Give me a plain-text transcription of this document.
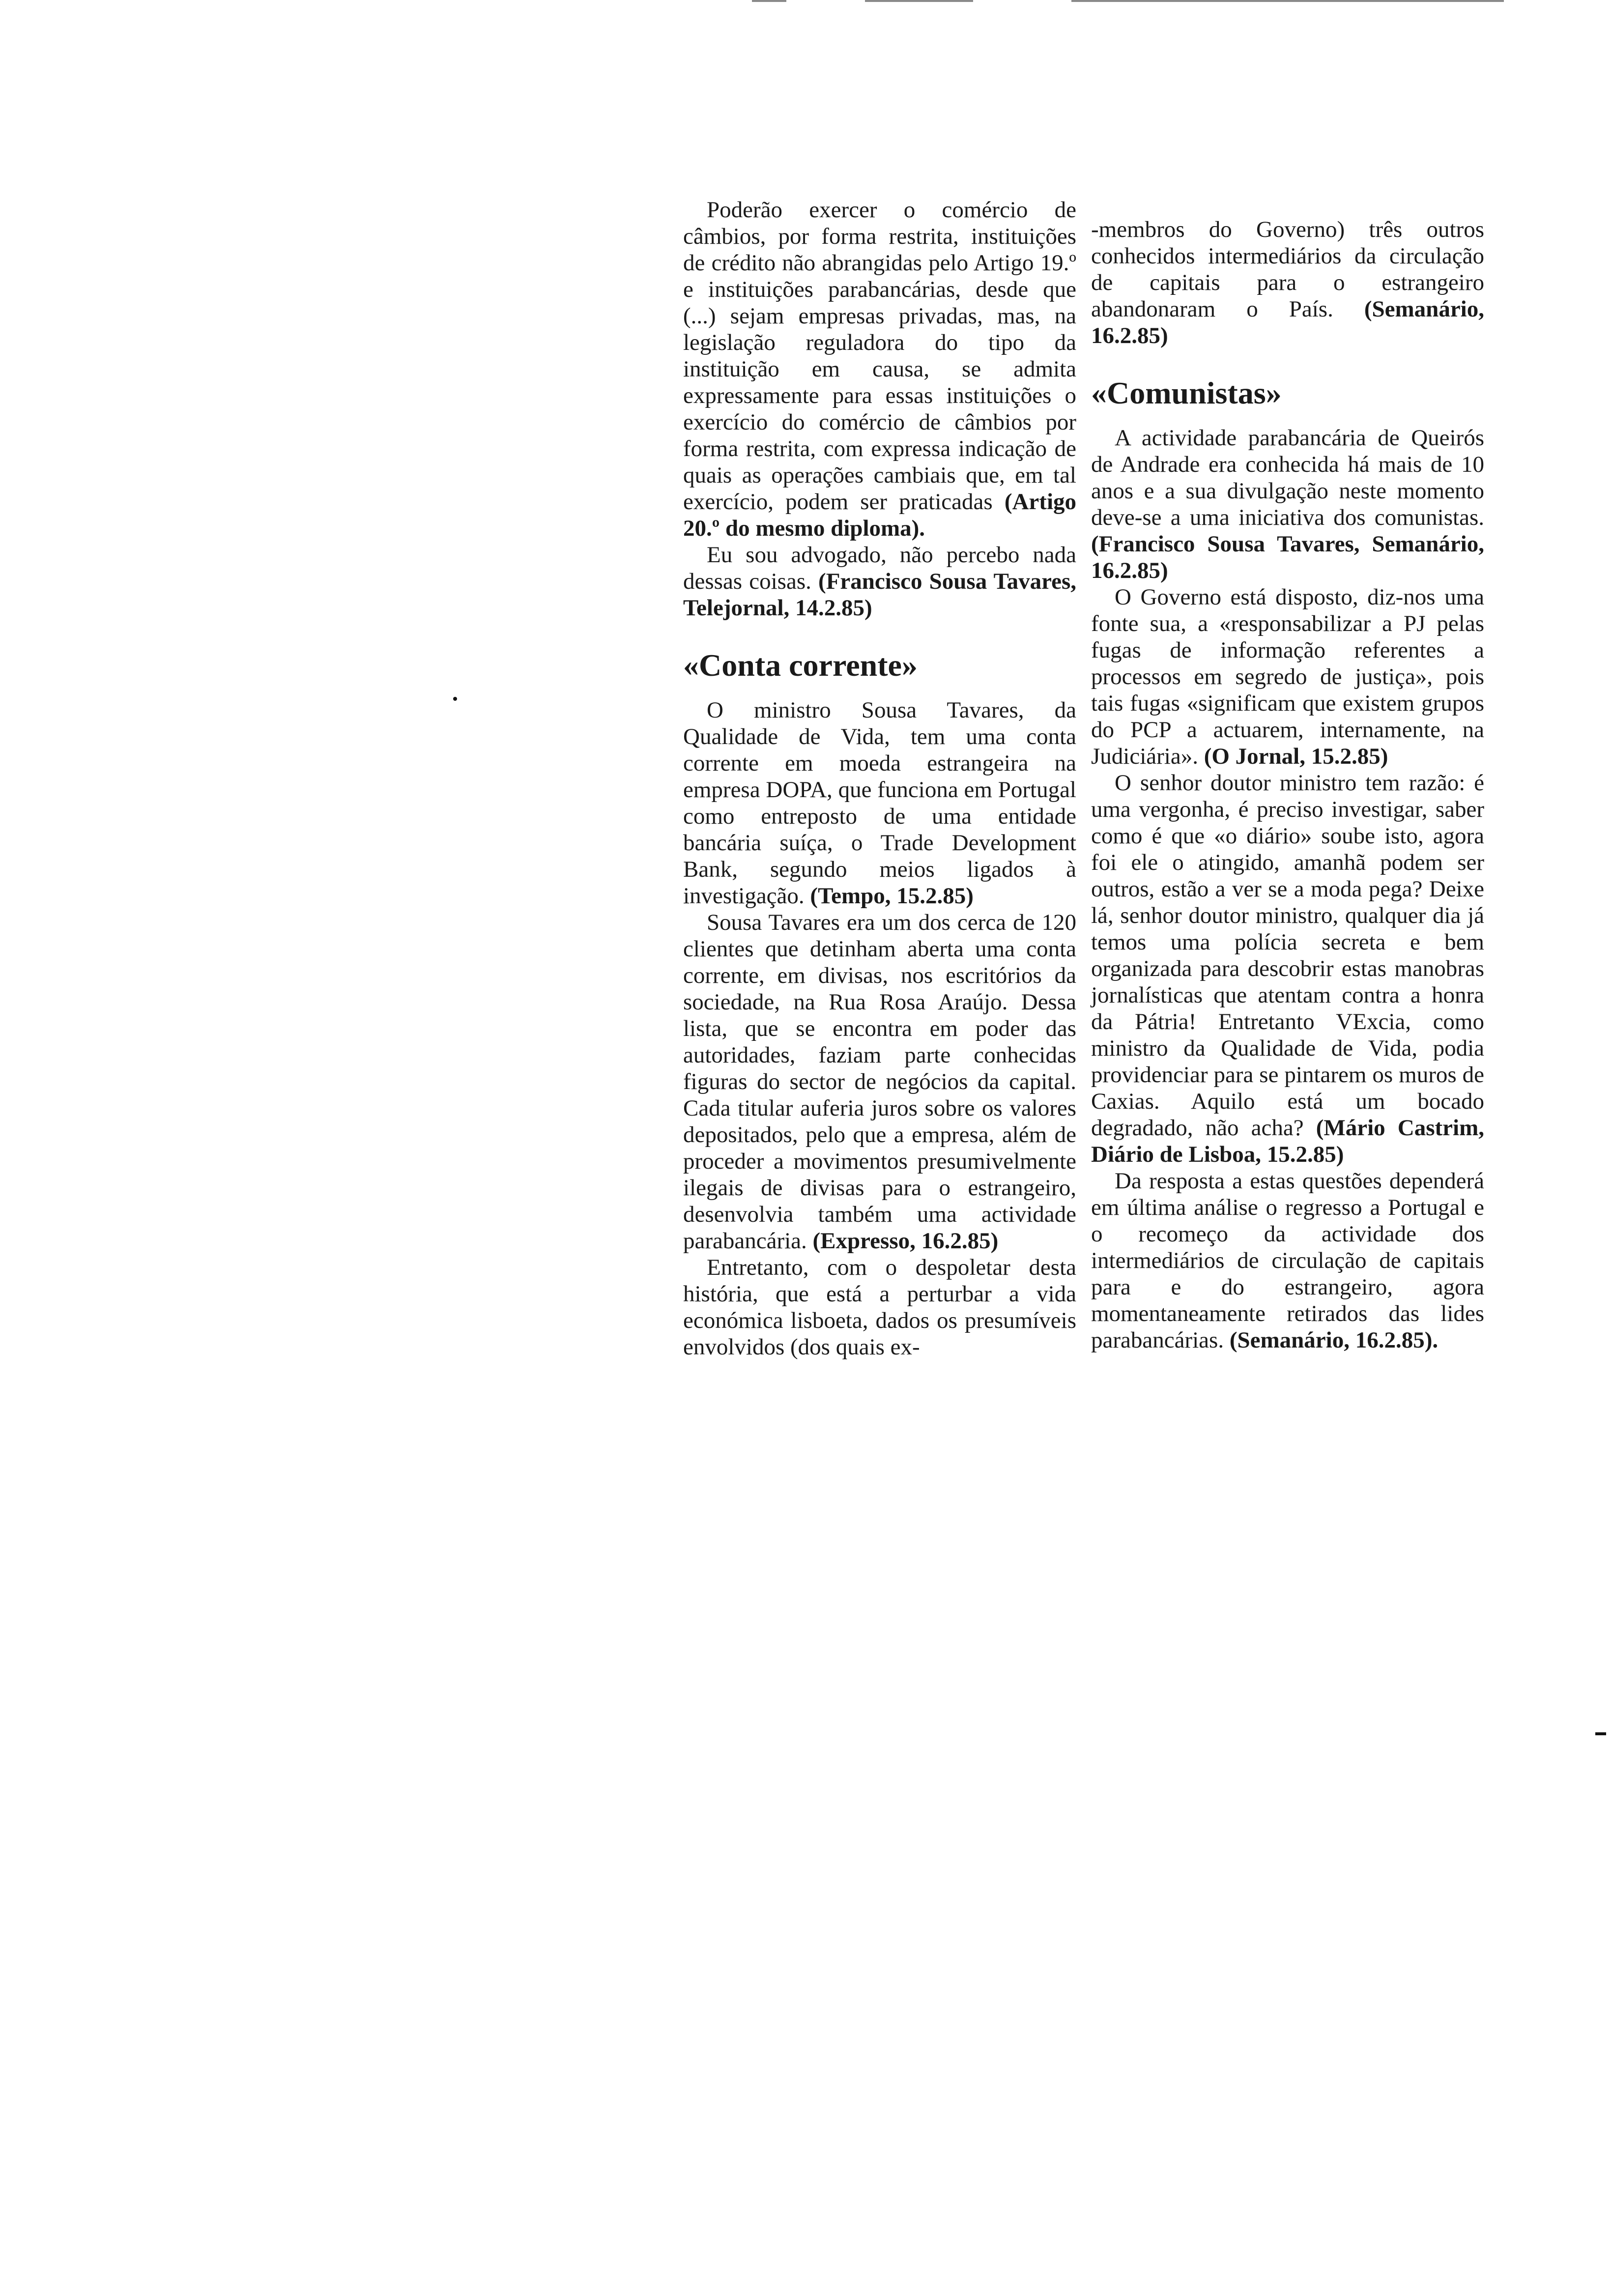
Poderão exercer o comércio de câmbios, por forma restrita, instituições de crédito não abrangidas pelo Artigo 19.º e instituições parabancárias, desde que (...) sejam empresas privadas, mas, na legislação reguladora do tipo da instituição em causa, se admita expressamente para essas instituições o exercício do comércio de câmbios por forma restrita, com expressa indicação de quais as operações cambiais que, em tal exercício, podem ser praticadas (Artigo 20.º do mesmo diploma).

Eu sou advogado, não percebo nada dessas coisas. (Francisco Sousa Tavares, Telejornal, 14.2.85)

«Conta corrente»

O ministro Sousa Tavares, da Qualidade de Vida, tem uma conta corrente em moeda estrangeira na empresa DOPA, que funciona em Portugal como entreposto de uma entidade bancária suíça, o Trade Development Bank, segundo meios ligados à investigação. (Tempo, 15.2.85)

Sousa Tavares era um dos cerca de 120 clientes que detinham aberta uma conta corrente, em divisas, nos escritórios da sociedade, na Rua Rosa Araújo. Dessa lista, que se encontra em poder das autoridades, faziam parte conhecidas figuras do sector de negócios da capital. Cada titular auferia juros sobre os valores depositados, pelo que a empresa, além de proceder a movimentos presumivelmente ilegais de divisas para o estrangeiro, desenvolvia também uma actividade parabancária. (Expresso, 16.2.85)

Entretanto, com o despoletar desta história, que está a perturbar a vida económica lisboeta, dados os presumíveis envolvidos (dos quais ex-

-membros do Governo) três outros conhecidos intermediários da circulação de capitais para o estrangeiro abandonaram o País. (Semanário, 16.2.85)

«Comunistas»

A actividade parabancária de Queirós de Andrade era conhecida há mais de 10 anos e a sua divulgação neste momento deve-se a uma iniciativa dos comunistas. (Francisco Sousa Tavares, Semanário, 16.2.85)

O Governo está disposto, diz-nos uma fonte sua, a «responsabilizar a PJ pelas fugas de informação referentes a processos em segredo de justiça», pois tais fugas «significam que existem grupos do PCP a actuarem, internamente, na Judiciária». (O Jornal, 15.2.85)

O senhor doutor ministro tem razão: é uma vergonha, é preciso investigar, saber como é que «o diário» soube isto, agora foi ele o atingido, amanhã podem ser outros, estão a ver se a moda pega? Deixe lá, senhor doutor ministro, qualquer dia já temos uma polícia secreta e bem organizada para descobrir estas manobras jornalísticas que atentam contra a honra da Pátria! Entretanto VExcia, como ministro da Qualidade de Vida, podia providenciar para se pintarem os muros de Caxias. Aquilo está um bocado degradado, não acha? (Mário Castrim, Diário de Lisboa, 15.2.85)

Da resposta a estas questões dependerá em última análise o regresso a Portugal e o recomeço da actividade dos intermediários de circulação de capitais para e do estrangeiro, agora momentaneamente retirados das lides parabancárias. (Semanário, 16.2.85).
